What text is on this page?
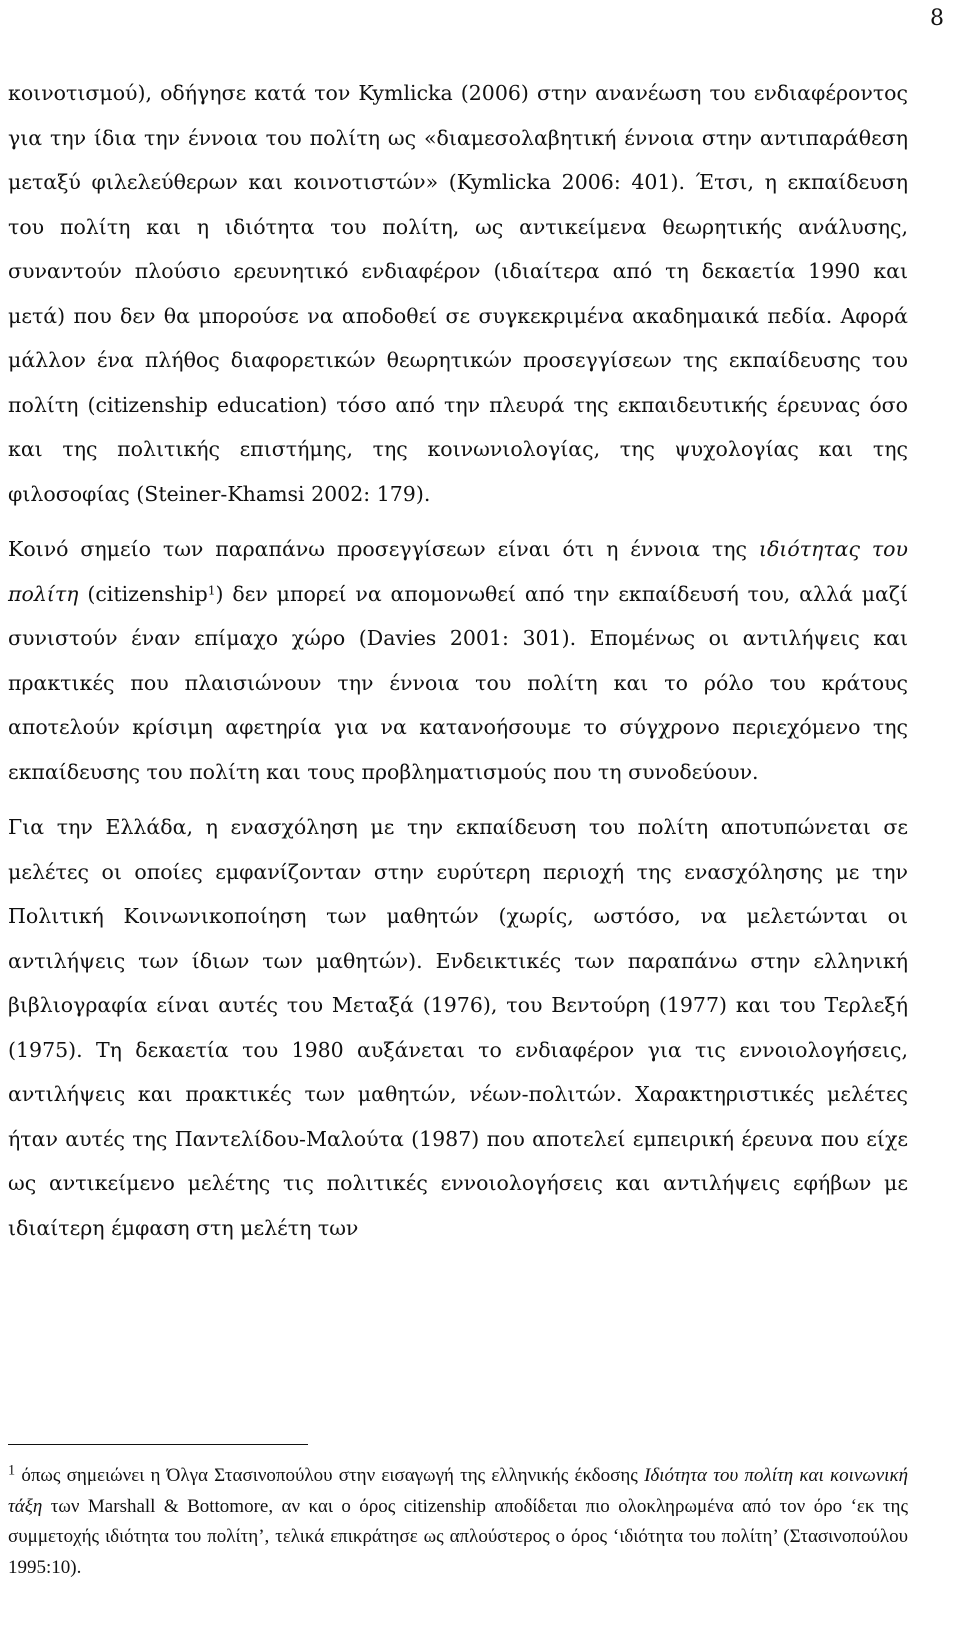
8

κοινοτισμού), οδήγησε κατά τον Kymlicka (2006) στην ανανέωση του ενδιαφέροντος για την ίδια την έννοια του πολίτη ως «διαμεσολαβητική έννοια στην αντιπαράθεση μεταξύ φιλελεύθερων και κοινοτιστών» (Kymlicka 2006: 401). Έτσι, η εκπαίδευση του πολίτη και η ιδιότητα του πολίτη, ως αντικείμενα θεωρητικής ανάλυσης, συναντούν πλούσιο ερευνητικό ενδιαφέρον (ιδιαίτερα από τη δεκαετία 1990 και μετά) που δεν θα μπορούσε να αποδοθεί σε συγκεκριμένα ακαδημαικά πεδία. Αφορά μάλλον ένα πλήθος διαφορετικών θεωρητικών προσεγγίσεων της εκπαίδευσης του πολίτη (citizenship education) τόσο από την πλευρά της εκπαιδευτικής έρευνας όσο και της πολιτικής επιστήμης, της κοινωνιολογίας, της ψυχολογίας και της φιλοσοφίας (Steiner-Khamsi 2002: 179).

Κοινό σημείο των παραπάνω προσεγγίσεων είναι ότι η έννοια της ιδιότητας του πολίτη (citizenship$^1$) δεν μπορεί να απομονωθεί από την εκπαίδευσή του, αλλά μαζί συνιστούν έναν επίμαχο χώρο (Davies 2001: 301). Επομένως οι αντιλήψεις και πρακτικές που πλαισιώνουν την έννοια του πολίτη και το ρόλο του κράτους αποτελούν κρίσιμη αφετηρία για να κατανοήσουμε το σύγχρονο περιεχόμενο της εκπαίδευσης του πολίτη και τους προβληματισμούς που τη συνοδεύουν.

Για την Ελλάδα, η ενασχόληση με την εκπαίδευση του πολίτη αποτυπώνεται σε μελέτες οι οποίες εμφανίζονταν στην ευρύτερη περιοχή της ενασχόλησης με την Πολιτική Κοινωνικοποίηση των μαθητών (χωρίς, ωστόσο, να μελετώνται οι αντιλήψεις των ίδιων των μαθητών). Ενδεικτικές των παραπάνω στην ελληνική βιβλιογραφία είναι αυτές του Μεταξά (1976), του Βεντούρη (1977) και του Τερλεξή (1975). Τη δεκαετία του 1980 αυξάνεται το ενδιαφέρον για τις εννοιολογήσεις, αντιλήψεις και πρακτικές των μαθητών, νέων-πολιτών. Χαρακτηριστικές μελέτες ήταν αυτές της Παντελίδου-Μαλούτα (1987) που αποτελεί εμπειρική έρευνα που είχε ως αντικείμενο μελέτης τις πολιτικές εννοιολογήσεις και αντιλήψεις εφήβων με ιδιαίτερη έμφαση στη μελέτη των

$^1$ όπως σημειώνει η Όλγα Στασινοπούλου στην εισαγωγή της ελληνικής έκδοσης Ιδιότητα του πολίτη και κοινωνική τάξη των Marshall & Bottomore, αν και ο όρος citizenship αποδίδεται πιο ολοκληρωμένα από τον όρο ‘εκ της συμμετοχής ιδιότητα του πολίτη’, τελικά επικράτησε ως απλούστερος ο όρος ‘ιδιότητα του πολίτη’ (Στασινοπούλου 1995:10).
